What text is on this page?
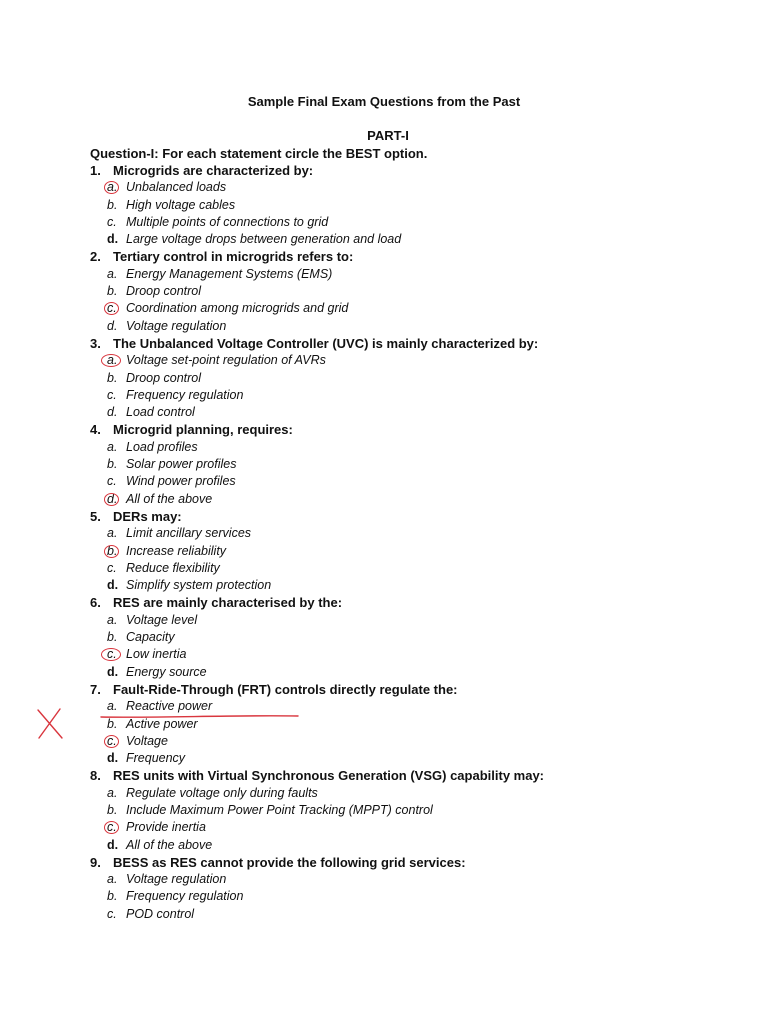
Sample Final Exam Questions from the Past
PART-I
Question-I: For each statement circle the BEST option.
1. Microgrids are characterized by:
a. Unbalanced loads
b. High voltage cables
c. Multiple points of connections to grid
d. Large voltage drops between generation and load
2. Tertiary control in microgrids refers to:
a. Energy Management Systems (EMS)
b. Droop control
c. Coordination among microgrids and grid
d. Voltage regulation
3. The Unbalanced Voltage Controller (UVC) is mainly characterized by:
a. Voltage set-point regulation of AVRs
b. Droop control
c. Frequency regulation
d. Load control
4. Microgrid planning, requires:
a. Load profiles
b. Solar power profiles
c. Wind power profiles
d. All of the above
5. DERs may:
a. Limit ancillary services
b. Increase reliability
c. Reduce flexibility
d. Simplify system protection
6. RES are mainly characterised by the:
a. Voltage level
b. Capacity
c. Low inertia
d. Energy source
7. Fault-Ride-Through (FRT) controls directly regulate the:
a. Reactive power
b. Active power
c. Voltage
d. Frequency
8. RES units with Virtual Synchronous Generation (VSG) capability may:
a. Regulate voltage only during faults
b. Include Maximum Power Point Tracking (MPPT) control
c. Provide inertia
d. All of the above
9. BESS as RES cannot provide the following grid services:
a. Voltage regulation
b. Frequency regulation
c. POD control
